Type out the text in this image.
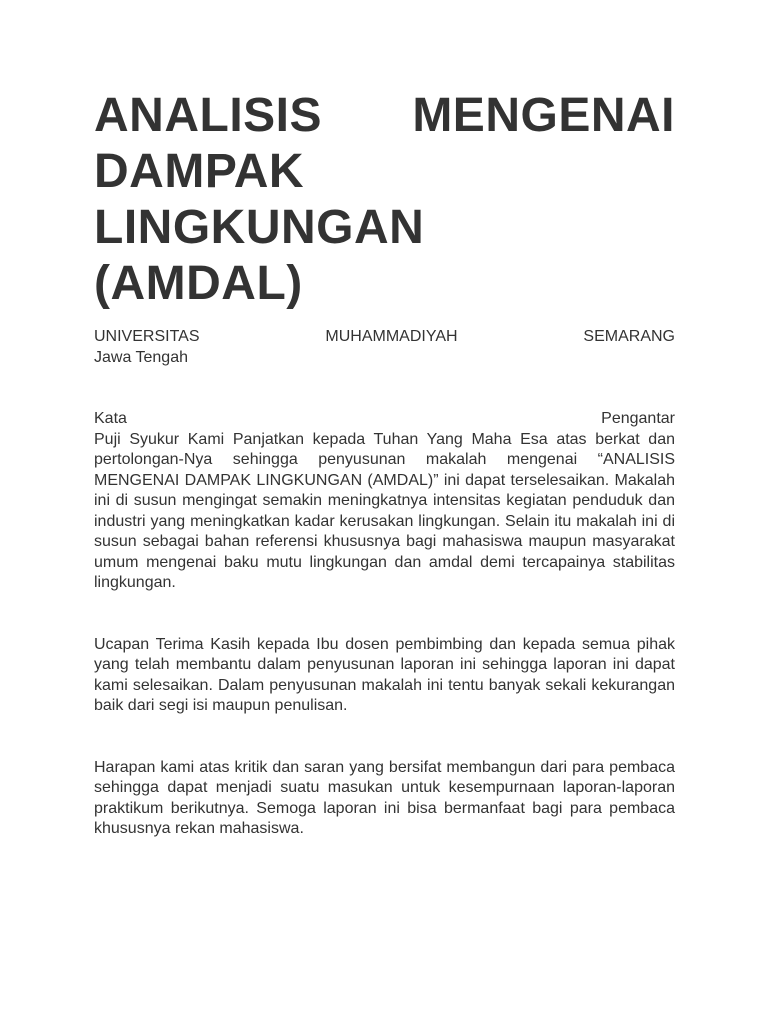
ANALISIS MENGENAI
DAMPAK
LINGKUNGAN
(AMDAL)
UNIVERSITAS MUHAMMADIYAH SEMARANG
Jawa Tengah
Kata Pengantar

Puji Syukur Kami Panjatkan kepada Tuhan Yang Maha Esa atas berkat dan pertolongan-Nya sehingga penyusunan makalah mengenai “ANALISIS MENGENAI DAMPAK LINGKUNGAN (AMDAL)” ini dapat terselesaikan. Makalah ini di susun mengingat semakin meningkatnya intensitas kegiatan penduduk dan industri yang meningkatkan kadar kerusakan lingkungan. Selain itu makalah ini di susun sebagai bahan referensi khususnya bagi mahasiswa maupun masyarakat umum mengenai baku mutu lingkungan dan amdal demi tercapainya stabilitas lingkungan.

Ucapan Terima Kasih kepada Ibu dosen pembimbing dan kepada semua pihak yang telah membantu dalam penyusunan laporan ini sehingga laporan ini dapat kami selesaikan. Dalam penyusunan makalah ini tentu banyak sekali kekurangan baik dari segi isi maupun penulisan.

Harapan kami atas kritik dan saran yang bersifat membangun dari para pembaca sehingga dapat menjadi suatu masukan untuk kesempurnaan laporan-laporan praktikum berikutnya. Semoga laporan ini bisa bermanfaat bagi para pembaca khususnya rekan mahasiswa.
